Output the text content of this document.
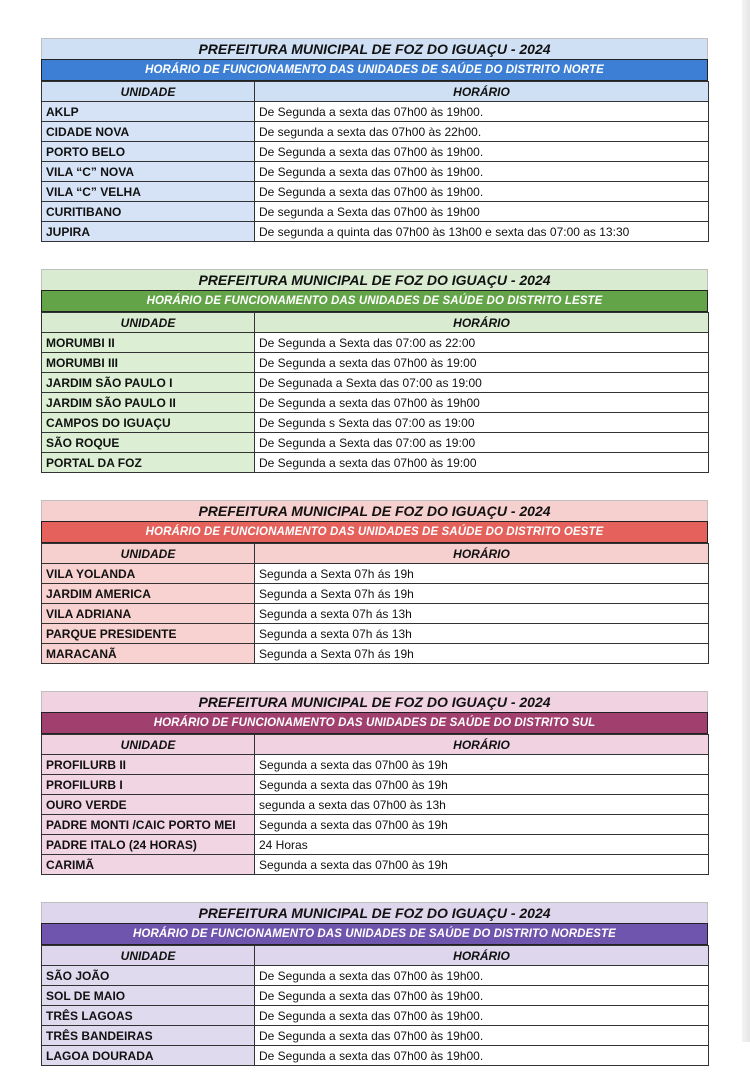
PREFEITURA MUNICIPAL DE FOZ DO IGUAÇU - 2024
HORÁRIO DE FUNCIONAMENTO DAS UNIDADES DE SAÚDE DO DISTRITO NORTE
UNIDADE	HORÁRIO
AKLP	De Segunda a sexta das 07h00 às 19h00.
CIDADE NOVA	De segunda a sexta das 07h00 às 22h00.
PORTO BELO	De Segunda a sexta das 07h00 às 19h00.
VILA “C” NOVA	De Segunda a sexta das 07h00 às 19h00.
VILA “C” VELHA	De Segunda a sexta das 07h00 às 19h00.
CURITIBANO	De segunda a Sexta das 07h00 às 19h00
JUPIRA	De segunda a quinta das 07h00 às 13h00 e sexta das 07:00 as 13:30

PREFEITURA MUNICIPAL DE FOZ DO IGUAÇU - 2024
HORÁRIO DE FUNCIONAMENTO DAS UNIDADES DE SAÚDE DO DISTRITO LESTE
UNIDADE	HORÁRIO
MORUMBI II	De Segunda a Sexta das 07:00 as 22:00
MORUMBI III	De Segunda a sexta das 07h00 às 19:00
JARDIM SÃO PAULO I	De Segunada a Sexta das 07:00 as 19:00
JARDIM SÃO PAULO II	De Segunda a sexta das 07h00 às 19h00
CAMPOS DO IGUAÇU	De Segunda s Sexta das 07:00 as 19:00
SÃO ROQUE	De Segunda a Sexta das 07:00 as 19:00
PORTAL DA FOZ	De Segunda a sexta das 07h00 às 19:00

PREFEITURA MUNICIPAL DE FOZ DO IGUAÇU - 2024
HORÁRIO DE FUNCIONAMENTO DAS UNIDADES DE SAÚDE DO DISTRITO OESTE
UNIDADE	HORÁRIO
VILA YOLANDA	Segunda a Sexta 07h ás 19h
JARDIM AMERICA	Segunda a Sexta 07h ás 19h
VILA ADRIANA	Segunda a sexta 07h ás 13h
PARQUE PRESIDENTE	Segunda a sexta 07h ás 13h
MARACANÃ	Segunda a Sexta 07h ás 19h

PREFEITURA MUNICIPAL DE FOZ DO IGUAÇU - 2024
HORÁRIO DE FUNCIONAMENTO DAS UNIDADES DE SAÚDE DO DISTRITO SUL
UNIDADE	HORÁRIO
PROFILURB II	Segunda a sexta das 07h00 às 19h
PROFILURB I	Segunda a sexta das 07h00 às 19h
OURO VERDE	segunda a sexta das 07h00 às 13h
PADRE MONTI /CAIC PORTO MEI	Segunda a sexta das 07h00 às 19h
PADRE ITALO (24 HORAS)	24 Horas
CARIMÃ	Segunda a sexta das 07h00 às 19h

PREFEITURA MUNICIPAL DE FOZ DO IGUAÇU - 2024
HORÁRIO DE FUNCIONAMENTO DAS UNIDADES DE SAÚDE DO DISTRITO NORDESTE
UNIDADE	HORÁRIO
SÃO JOÃO	De Segunda a sexta das 07h00 às 19h00.
SOL DE MAIO	De Segunda a sexta das 07h00 às 19h00.
TRÊS LAGOAS	De Segunda a sexta das 07h00 às 19h00.
TRÊS BANDEIRAS	De Segunda a sexta das 07h00 às 19h00.
LAGOA DOURADA	De Segunda a sexta das 07h00 às 19h00.
